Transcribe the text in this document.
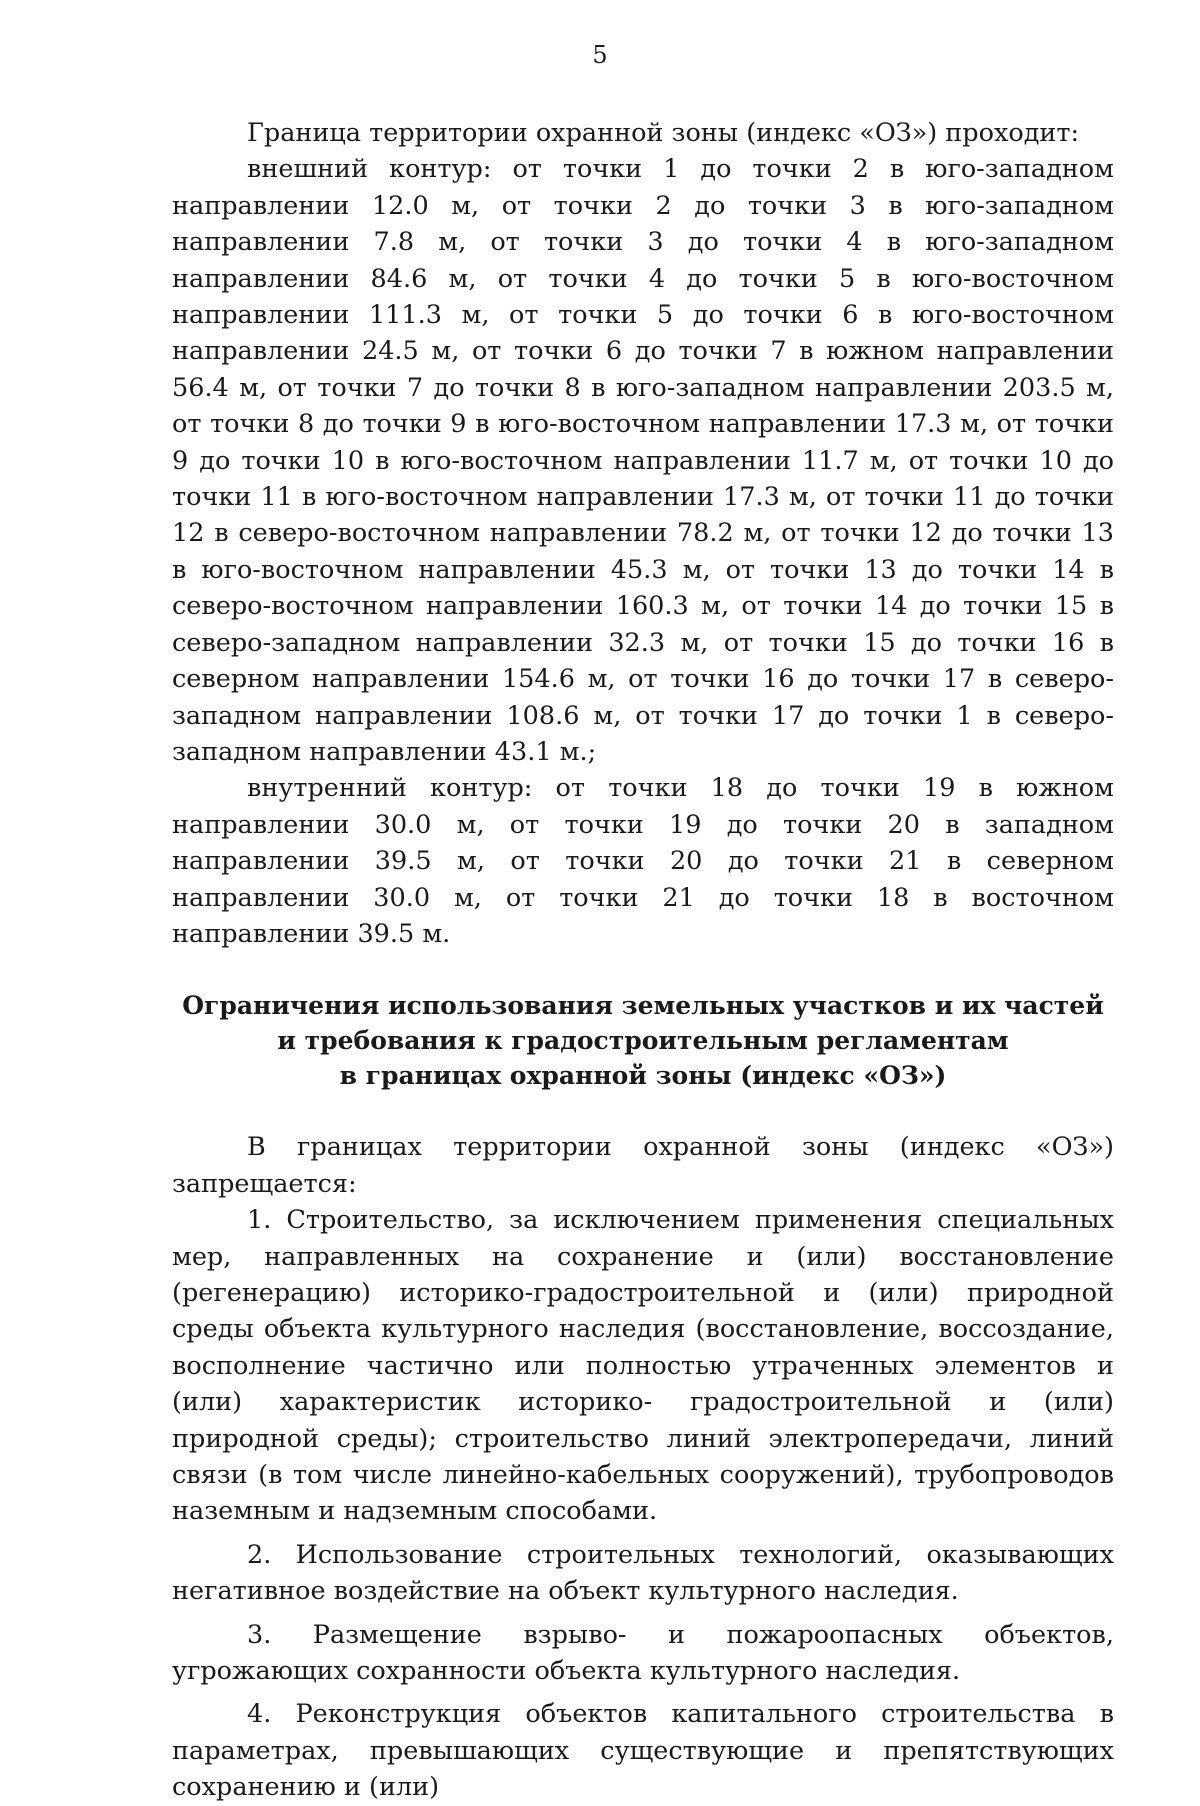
5

Граница территории охранной зоны (индекс «ОЗ») проходит:

внешний контур: от точки 1 до точки 2 в юго-западном направлении 12.0 м, от точки 2 до точки 3 в юго-западном направлении 7.8 м, от точки 3 до точки 4 в юго-западном направлении 84.6 м, от точки 4 до точки 5 в юго-восточном направлении 111.3 м, от точки 5 до точки 6 в юго-восточном направлении 24.5 м, от точки 6 до точки 7 в южном направлении 56.4 м, от точки 7 до точки 8 в юго-западном направлении 203.5 м, от точки 8 до точки 9 в юго-восточном направлении 17.3 м, от точки 9 до точки 10 в юго-восточном направлении 11.7 м, от точки 10 до точки 11 в юго-восточном направлении 17.3 м, от точки 11 до точки 12 в северо-восточном направлении 78.2 м, от точки 12 до точки 13 в юго-восточном направлении 45.3 м, от точки 13 до точки 14 в северо-восточном направлении 160.3 м, от точки 14 до точки 15 в северо-западном направлении 32.3 м, от точки 15 до точки 16 в северном направлении 154.6 м, от точки 16 до точки 17 в северо-западном направлении 108.6 м, от точки 17 до точки 1 в северо-западном направлении 43.1 м.;

внутренний контур: от точки 18 до точки 19 в южном направлении 30.0 м, от точки 19 до точки 20 в западном направлении 39.5 м, от точки 20 до точки 21 в северном направлении 30.0 м, от точки 21 до точки 18 в восточном направлении 39.5 м.

Ограничения использования земельных участков и их частей
и требования к градостроительным регламентам
в границах охранной зоны (индекс «ОЗ»)

В границах территории охранной зоны (индекс «ОЗ») запрещается:

1. Строительство, за исключением применения специальных мер, направленных на сохранение и (или) восстановление (регенерацию) историко-градостроительной и (или) природной среды объекта культурного наследия (восстановление, воссоздание, восполнение частично или полностью утраченных элементов и (или) характеристик историко- градостроительной и (или) природной среды); строительство линий электропередачи, линий связи (в том числе линейно-кабельных сооружений), трубопроводов наземным и надземным способами.

2. Использование строительных технологий, оказывающих негативное воздействие на объект культурного наследия.

3. Размещение взрыво- и пожароопасных объектов, угрожающих сохранности объекта культурного наследия.

4. Реконструкция объектов капитального строительства в параметрах, превышающих существующие и препятствующих сохранению и (или)
